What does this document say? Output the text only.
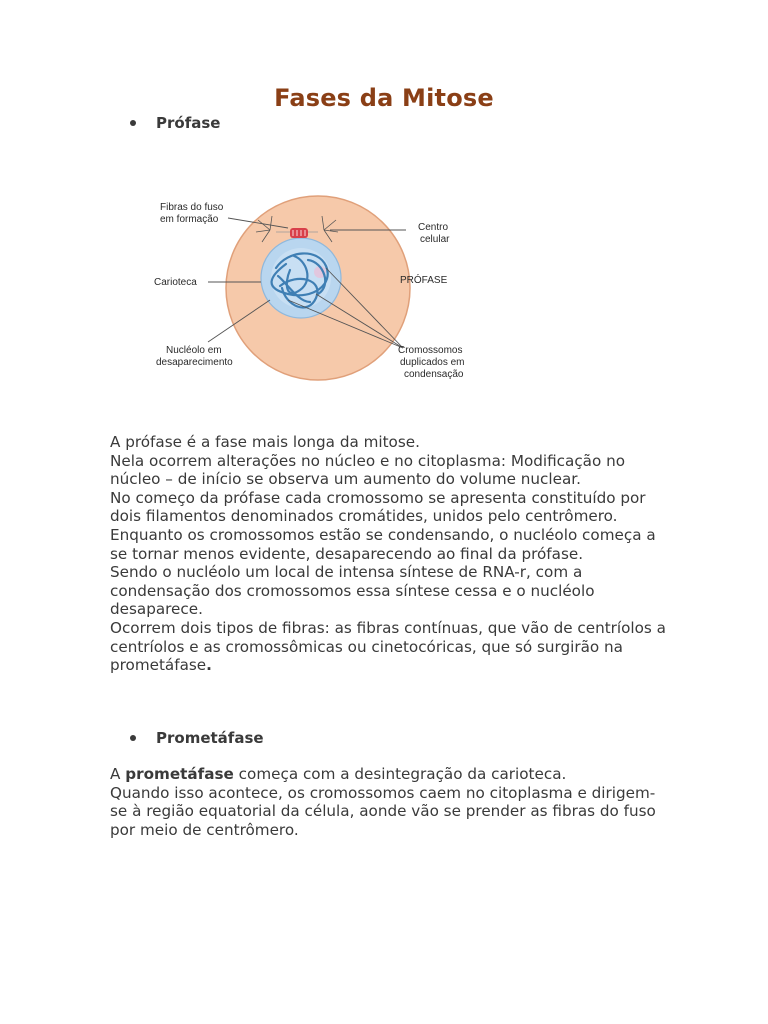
Fases da Mitose
Prófase
Fibras do fuso
em formação
Centro
celular
Carioteca	PRÓFASE
Nucléolo em
desaparecimento
Cromossomos
duplicados em
condensação

A prófase é a fase mais longa da mitose.

Nela ocorrem alterações no núcleo e no citoplasma: Modificação no núcleo – de início se observa um aumento do volume nuclear.

No começo da prófase cada cromossomo se apresenta constituído por dois filamentos denominados cromátides, unidos pelo centrômero.

Enquanto os cromossomos estão se condensando, o nucléolo começa a se tornar menos evidente, desaparecendo ao final da prófase.

Sendo o nucléolo um local de intensa síntese de RNA-r, com a condensação dos cromossomos essa síntese cessa e o nucléolo desaparece.

Ocorrem dois tipos de fibras: as fibras contínuas, que vão de centríolos a centríolos e as cromossômicas ou cinetocóricas, que só surgirão na prometáfase.

Prometáfase

A prometáfase começa com a desintegração da carioteca.

Quando isso acontece, os cromossomos caem no citoplasma e dirigem-se à região equatorial da célula, aonde vão se prender as fibras do fuso por meio de centrômero.
